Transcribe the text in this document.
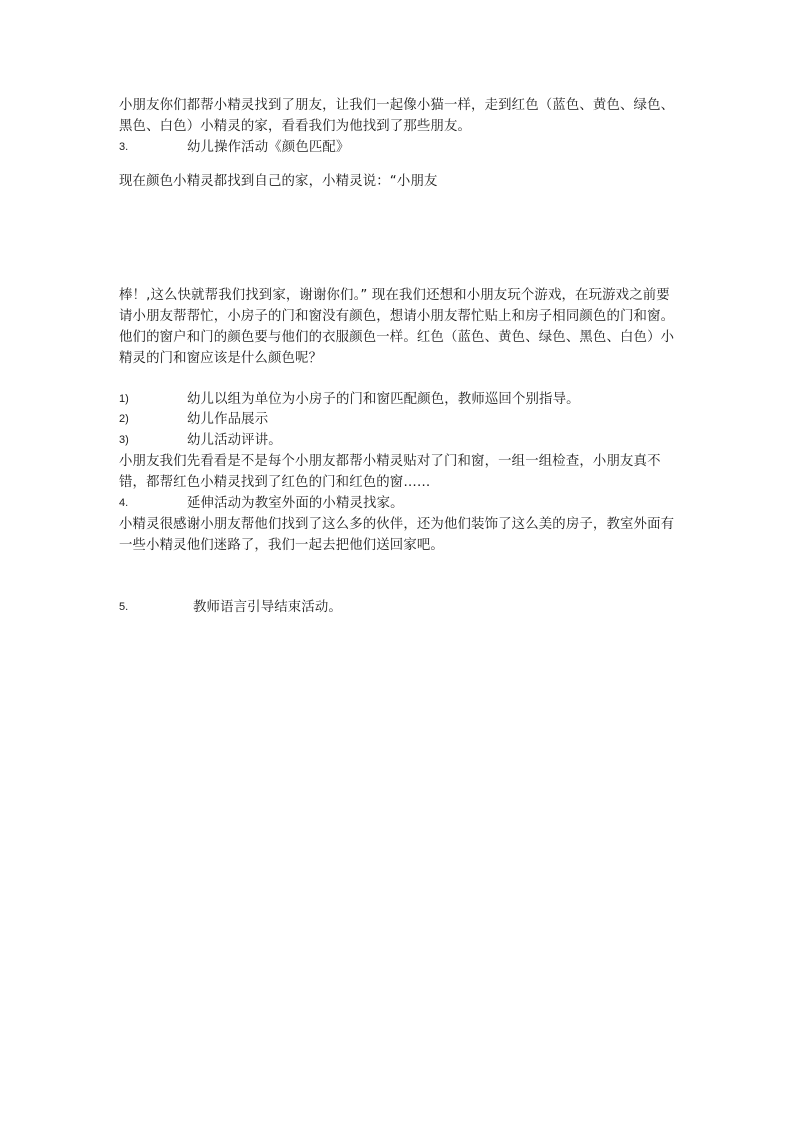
小朋友你们都帮小精灵找到了朋友，让我们一起像小猫一样，走到红色（蓝色、黄色、绿色、黑色、白色）小精灵的家，看看我们为他找到了那些朋友。

3.	幼儿操作活动《颜色匹配》

现在颜色小精灵都找到自己的家，小精灵说：“小朋友

棒！,这么快就帮我们找到家，谢谢你们。” 现在我们还想和小朋友玩个游戏，在玩游戏之前要请小朋友帮帮忙，小房子的门和窗没有颜色，想请小朋友帮忙贴上和房子相同颜色的门和窗。他们的窗户和门的颜色要与他们的衣服颜色一样。红色（蓝色、黄色、绿色、黑色、白色）小精灵的门和窗应该是什么颜色呢？

1)	幼儿以组为单位为小房子的门和窗匹配颜色，教师巡回个别指导。
2)	幼儿作品展示
3)	幼儿活动评讲。

小朋友我们先看看是不是每个小朋友都帮小精灵贴对了门和窗，一组一组检查，小朋友真不错，都帮红色小精灵找到了红色的门和红色的窗……

4.	延伸活动为教室外面的小精灵找家。

小精灵很感谢小朋友帮他们找到了这么多的伙伴，还为他们装饰了这么美的房子，教室外面有一些小精灵他们迷路了，我们一起去把他们送回家吧。

5.	教师语言引导结束活动。
